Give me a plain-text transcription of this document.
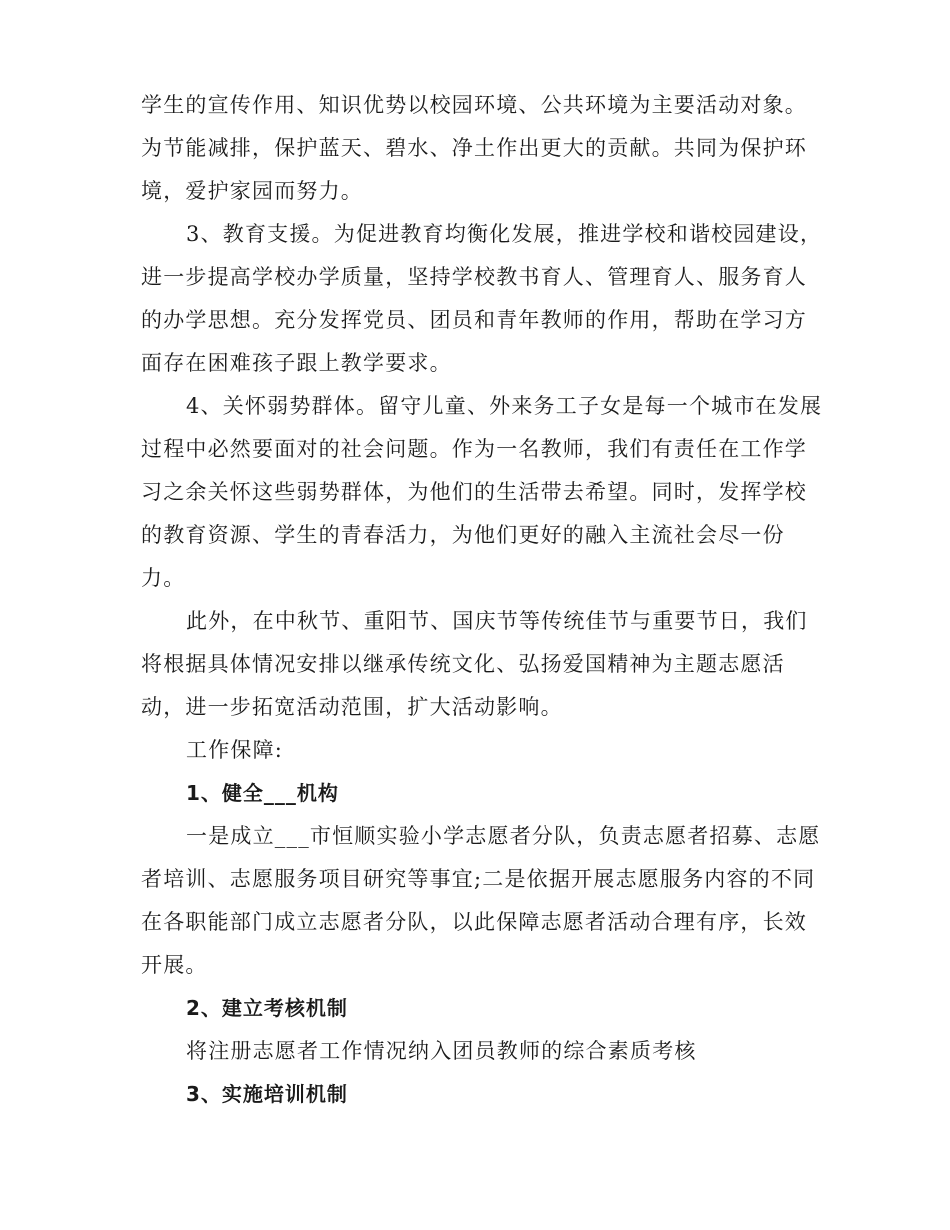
学生的宣传作用、知识优势以校园环境、公共环境为主要活动对象。
为节能减排，保护蓝天、碧水、净土作出更大的贡献。共同为保护环
境，爱护家园而努力。
3、教育支援。为促进教育均衡化发展，推进学校和谐校园建设，
进一步提高学校办学质量，坚持学校教书育人、管理育人、服务育人
的办学思想。充分发挥党员、团员和青年教师的作用，帮助在学习方
面存在困难孩子跟上教学要求。
4、关怀弱势群体。留守儿童、外来务工子女是每一个城市在发展
过程中必然要面对的社会问题。作为一名教师，我们有责任在工作学
习之余关怀这些弱势群体，为他们的生活带去希望。同时，发挥学校
的教育资源、学生的青春活力，为他们更好的融入主流社会尽一份
力。
此外，在中秋节、重阳节、国庆节等传统佳节与重要节日，我们
将根据具体情况安排以继承传统文化、弘扬爱国精神为主题志愿活
动，进一步拓宽活动范围，扩大活动影响。
工作保障:
1、健全___机构
一是成立___市恒顺实验小学志愿者分队，负责志愿者招募、志愿
者培训、志愿服务项目研究等事宜;二是依据开展志愿服务内容的不同
在各职能部门成立志愿者分队，以此保障志愿者活动合理有序，长效
开展。
2、建立考核机制
将注册志愿者工作情况纳入团员教师的综合素质考核
3、实施培训机制
